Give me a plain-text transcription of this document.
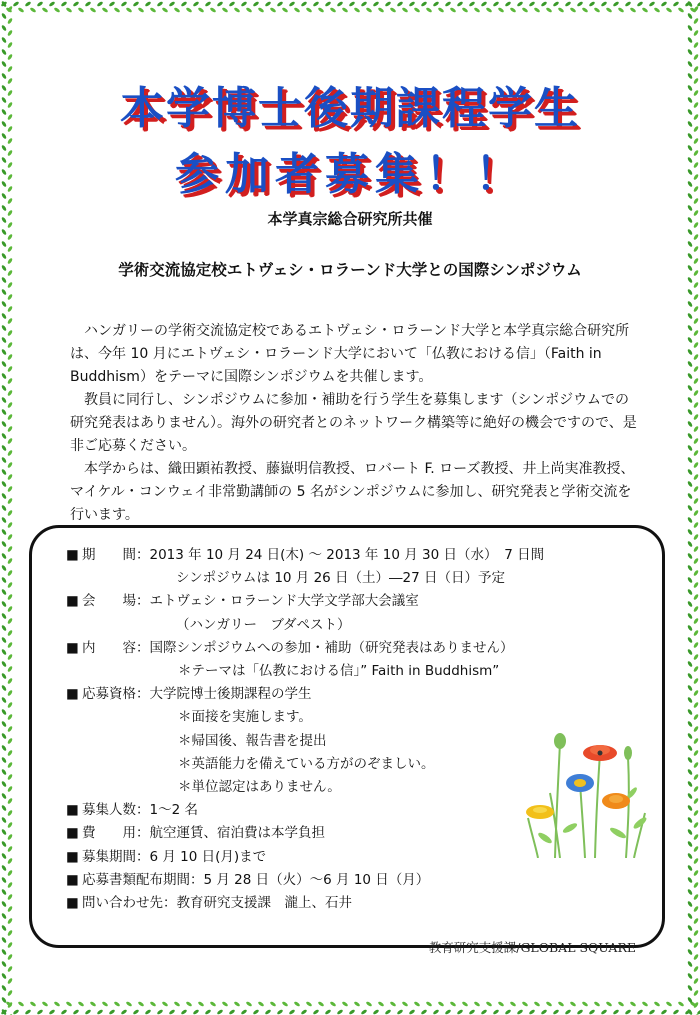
本学博士後期課程学生
参加者募集！！
本学真宗総合研究所共催
学術交流協定校エトヴェシ・ロラーンド大学との国際シンポジウム

ハンガリーの学術交流協定校であるエトヴェシ・ロラーンド大学と本学真宗総合研究所は、今年 10 月にエトヴェシ・ロラーンド大学において「仏教における信」（Faith in Buddhism）をテーマに国際シンポジウムを共催します。

教員に同行し、シンポジウムに参加・補助を行う学生を募集します（シンポジウムでの研究発表はありません）。海外の研究者とのネットワーク構築等に絶好の機会ですので、是非ご応募ください。

本学からは、織田顕祐教授、藤嶽明信教授、ロバート F. ローズ教授、井上尚実准教授、マイケル・コンウェイ非常勤講師の 5 名がシンポジウムに参加し、研究発表と学術交流を行います。

■ 期　　間：2013 年 10 月 24 日(木) ～ 2013 年 10 月 30 日（水）　7 日間
シンポジウムは 10 月 26 日（土）―27 日（日）予定
■ 会　　場：エトヴェシ・ロラーンド大学文学部大会議室
（ハンガリー　ブダペスト）
■ 内　　容：国際シンポジウムへの参加・補助（研究発表はありません）
＊テーマは「仏教における信」” Faith in Buddhism”
■ 応募資格：大学院博士後期課程の学生
＊面接を実施します。
＊帰国後、報告書を提出
＊英語能力を備えている方がのぞましい。
＊単位認定はありません。
■ 募集人数：1～2 名
■ 費　　用：航空運賃、宿泊費は本学負担
■ 募集期間：6 月 10 日(月)まで
■ 応募書類配布期間：5 月 28 日（火）～6 月 10 日（月）
■ 問い合わせ先：教育研究支援課　瀧上、石井
教育研究支援課/GLOBAL SQUARE
